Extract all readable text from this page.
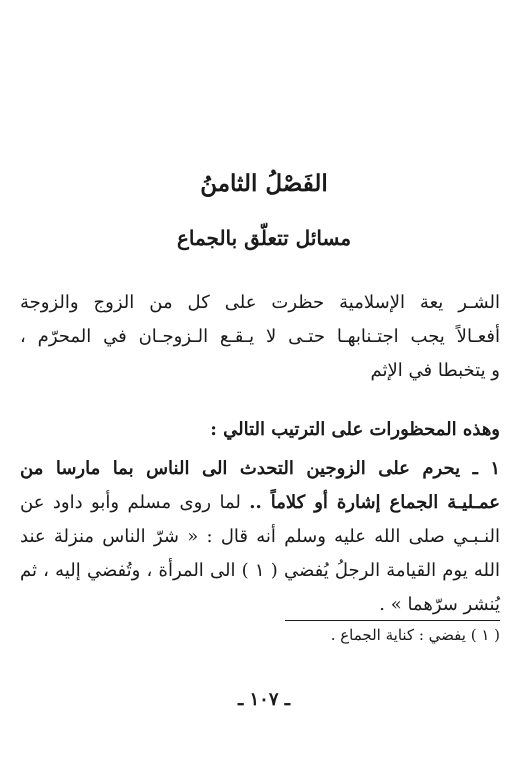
الفَصْلُ الثامنُ
مسائل تتعلّق بالجماع
الشـر يعة الإسلامية حظرت على كل من الزوج والزوجة
أفعـالاً يجب اجتـنابهـا حتـى لا يـقـع الـزوجـان في المحرّم ،
و يتخبطا في الإثم
وهذه المحظورات على الترتيب التالي :
١ ـ يحرم على الزوجين التحدث الى الناس بما مارسا من
عمـليـة الجماع إشارة أو كلاماً .. لما روى مسلم وأبو داود عن
النـبـي صلى الله عليه وسلم أنه قال : « شرّ الناس منزلة عند
الله يوم القيامة الرجلُ يُفضي ( ١ ) الى المرأة ، وتُفضي إليه ، ثم
يُنشر سرّهما » .
( ١ ) يفضي : كناية الجماع .
ـ ١٠٧ ـ
